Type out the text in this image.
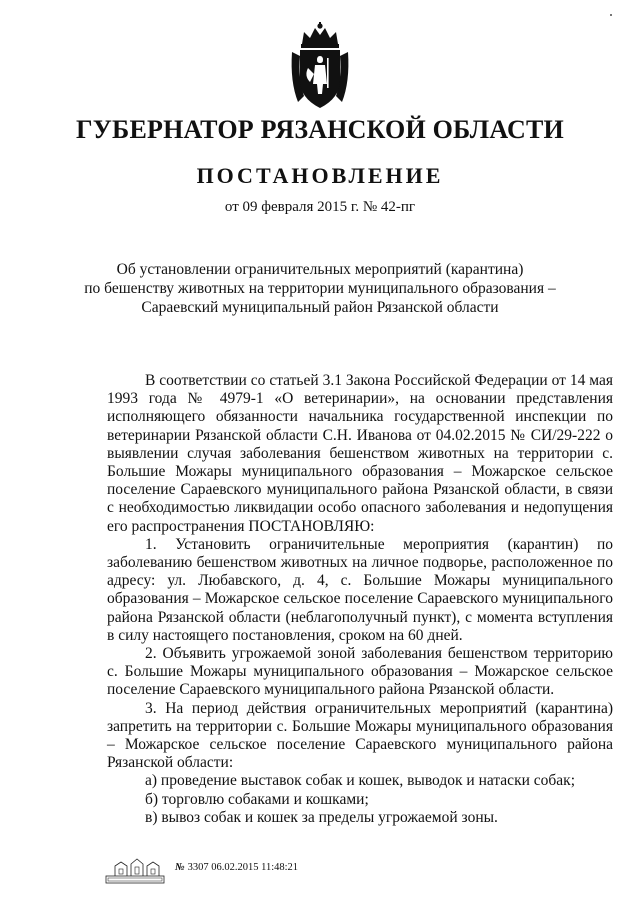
ГУБЕРНАТОР РЯЗАНСКОЙ ОБЛАСТИ
ПОСТАНОВЛЕНИЕ
от 09 февраля 2015 г. № 42-пг
Об установлении ограничительных мероприятий (карантина)
по бешенству животных на территории муниципального образования –
Сараевский муниципальный район Рязанской области

В соответствии со статьей 3.1 Закона Российской Федерации от 14 мая 1993 года № 4979-1 «О ветеринарии», на основании представления исполняющего обязанности начальника государственной инспекции по ветеринарии Рязанской области С.Н. Иванова от 04.02.2015 № СИ/29-222 о выявлении случая заболевания бешенством животных на территории с. Большие Можары муниципального образования – Можарское сельское поселение Сараевского муниципального района Рязанской области, в связи с необходимостью ликвидации особо опасного заболевания и недопущения его распространения ПОСТАНОВЛЯЮ:

1. Установить ограничительные мероприятия (карантин) по заболеванию бешенством животных на личное подворье, расположенное по адресу: ул. Любавского, д. 4, с. Большие Можары муниципального образования – Можарское сельское поселение Сараевского муниципального района Рязанской области (неблагополучный пункт), с момента вступления в силу настоящего постановления, сроком на 60 дней.

2. Объявить угрожаемой зоной заболевания бешенством территорию с. Большие Можары муниципального образования – Можарское сельское поселение Сараевского муниципального района Рязанской области.

3. На период действия ограничительных мероприятий (карантина) запретить на территории с. Большие Можары муниципального образования – Можарское сельское поселение Сараевского муниципального района Рязанской области:

а) проведение выставок собак и кошек, выводок и натаски собак;

б) торговлю собаками и кошками;

в) вывоз собак и кошек за пределы угрожаемой зоны.

№ 3307 06.02.2015 11:48:21
